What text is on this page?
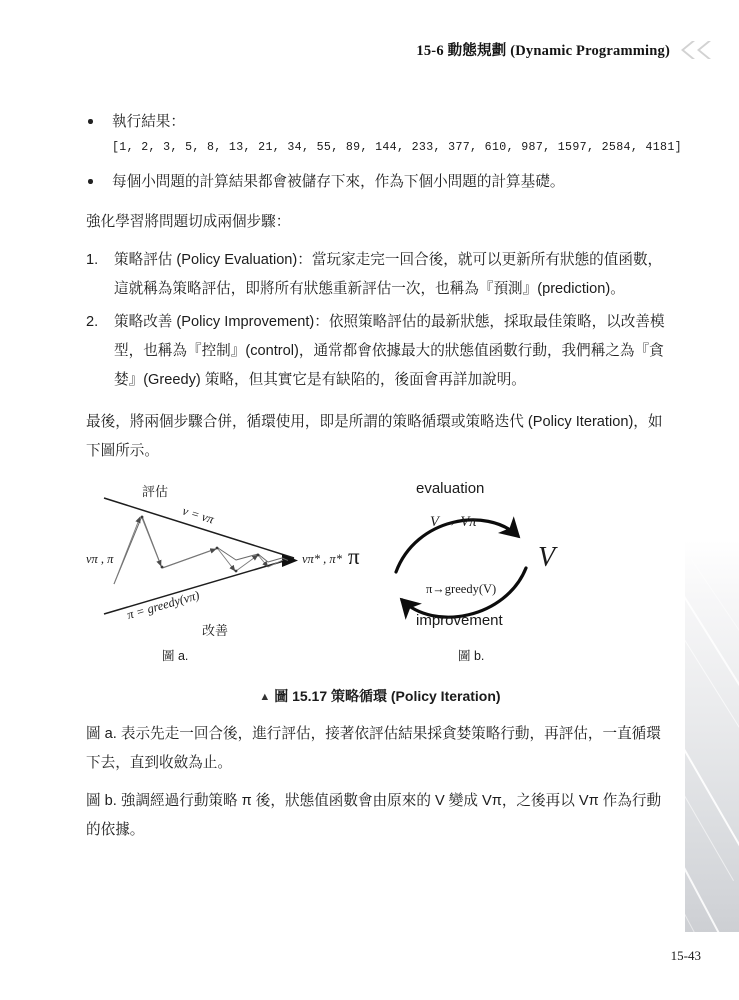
15-6 動態規劃 (Dynamic Programming)
執行結果：
[1, 2, 3, 5, 8, 13, 21, 34, 55, 89, 144, 233, 377, 610, 987, 1597, 2584, 4181]
每個小問題的計算結果都會被儲存下來，作為下個小問題的計算基礎。

強化學習將問題切成兩個步驟：

1. 策略評估 (Policy Evaluation)：當玩家走完一回合後，就可以更新所有狀態的值函數，這就稱為策略評估，即將所有狀態重新評估一次，也稱為『預測』(prediction)。
2. 策略改善 (Policy Improvement)：依照策略評估的最新狀態，採取最佳策略，以改善模型，也稱為『控制』(control)，通常都會依據最大的狀態值函數行動，我們稱之為『貪婪』(Greedy) 策略，但其實它是有缺陷的，後面會再詳加說明。

最後，將兩個步驟合併，循環使用，即是所謂的策略循環或策略迭代 (Policy Iteration)，如下圖所示。

評估
v = vπ
π = greedy(vπ)
改善
vπ , π	vπ* , π* π
圖 a.
evaluation
V → Vπ
π→greedy(V)
improvement
V
圖 b.
▲ 圖 15.17 策略循環 (Policy Iteration)

圖 a. 表示先走一回合後，進行評估，接著依評估結果採貪婪策略行動，再評估，一直循環下去，直到收斂為止。

圖 b. 強調經過行動策略 π 後，狀態值函數會由原來的 V 變成 Vπ，之後再以 Vπ 作為行動的依據。

15-43
